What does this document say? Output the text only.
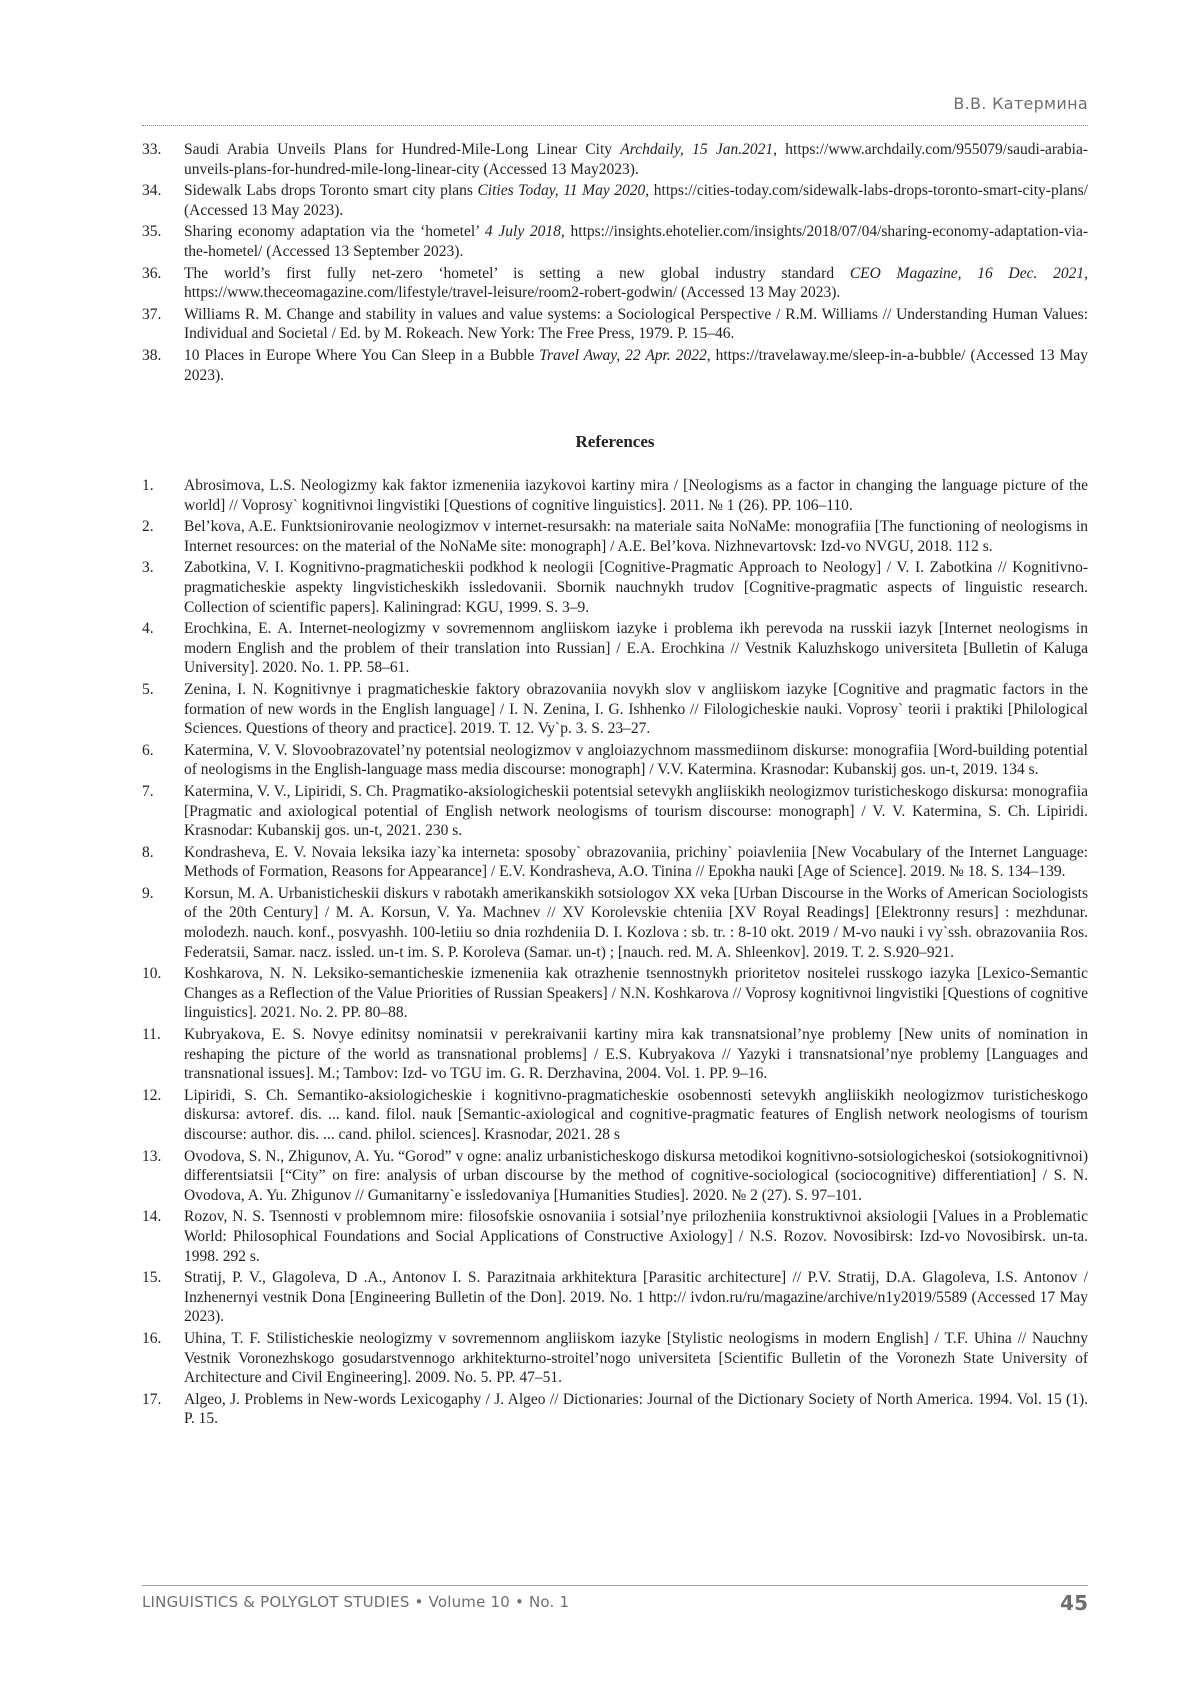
В.В. Катермина
33.	Saudi Arabia Unveils Plans for Hundred-Mile-Long Linear City Archdaily, 15 Jan.2021, https://www.archdaily.com/955079/saudi-arabia-unveils-plans-for-hundred-mile-long-linear-city (Accessed 13 May2023).
34.	Sidewalk Labs drops Toronto smart city plans Cities Today, 11 May 2020, https://cities-today.com/sidewalk-labs-drops-toronto-smart-city-plans/ (Accessed 13 May 2023).
35.	Sharing economy adaptation via the ‘hometel’ 4 July 2018, https://insights.ehotelier.com/insights/2018/07/04/sharing-economy-adaptation-via-the-hometel/ (Accessed 13 September 2023).
36.	The world’s first fully net-zero ‘hometel’ is setting a new global industry standard CEO Magazine, 16 Dec. 2021, https://www.theceomagazine.com/lifestyle/travel-leisure/room2-robert-godwin/ (Accessed 13 May 2023).
37.	Williams R. M. Change and stability in values and value systems: a Sociological Perspective / R.M. Williams // Understanding Human Values: Individual and Societal / Ed. by M. Rokeach. New York: The Free Press, 1979. P. 15–46.
38.	10 Places in Europe Where You Can Sleep in a Bubble Travel Away, 22 Apr. 2022, https://travelaway.me/sleep-in-a-bubble/ (Accessed 13 May 2023).
References
1.	Abrosimova, L.S. Neologizmy kak faktor izmeneniia iazykovoi kartiny mira / [Neologisms as a factor in changing the language picture of the world] // Voprosy` kognitivnoi lingvistiki [Questions of cognitive linguistics]. 2011. № 1 (26). PP. 106–110.
2.	Bel’kova, A.E. Funktsionirovanie neologizmov v internet-resursakh: na materiale saita NoNaMe: monografiia [The functioning of neologisms in Internet resources: on the material of the NoNaMe site: monograph] / A.E. Bel’kova. Nizhnevartovsk: Izd-vo NVGU, 2018. 112 s.
3.	Zabotkina, V. I. Kognitivno-pragmaticheskii podkhod k neologii [Cognitive-Pragmatic Approach to Neology] / V. I. Zabotkina // Kognitivno-pragmaticheskie aspekty lingvisticheskikh issledovanii. Sbornik nauchnykh trudov [Cognitive-pragmatic aspects of linguistic research. Collection of scientific papers]. Kaliningrad: KGU, 1999. S. 3–9.
4.	Erochkina, E. A. Internet-neologizmy v sovremennom angliiskom iazyke i problema ikh perevoda na russkii iazyk [Internet neologisms in modern English and the problem of their translation into Russian] / E.A. Erochkina // Vestnik Kaluzhskogo universiteta [Bulletin of Kaluga University]. 2020. No. 1. PP. 58–61.
5.	Zenina, I. N. Kognitivnye i pragmaticheskie faktory obrazovaniia novykh slov v angliiskom iazyke [Cognitive and pragmatic factors in the formation of new words in the English language] / I. N. Zenina, I. G. Ishhenko // Filologicheskie nauki. Voprosy` teorii i praktiki [Philological Sciences. Questions of theory and practice]. 2019. T. 12. Vy`p. 3. S. 23–27.
6.	Katermina, V. V. Slovoobrazovatel’ny potentsial neologizmov v angloiazychnom massmediinom diskurse: monografiia [Word-building potential of neologisms in the English-language mass media discourse: monograph] / V.V. Katermina. Krasnodar: Kubanskij gos. un-t, 2019. 134 s.
7.	Katermina, V. V., Lipiridi, S. Ch. Pragmatiko-aksiologicheskii potentsial setevykh angliiskikh neologizmov turisticheskogo diskursa: monografiia [Pragmatic and axiological potential of English network neologisms of tourism discourse: monograph] / V. V. Katermina, S. Ch. Lipiridi. Krasnodar: Kubanskij gos. un-t, 2021. 230 s.
8.	Kondrasheva, E. V. Novaia leksika iazy`ka interneta: sposoby` obrazovaniia, prichiny` poiavleniia [New Vocabulary of the Internet Language: Methods of Formation, Reasons for Appearance] / E.V. Kondrasheva, A.O. Tinina // Epokha nauki [Age of Science]. 2019. № 18. S. 134–139.
9.	Korsun, M. A. Urbanisticheskii diskurs v rabotakh amerikanskikh sotsiologov XX veka [Urban Discourse in the Works of American Sociologists of the 20th Century] / M. A. Korsun, V. Ya. Machnev // XV Korolevskie chteniia [XV Royal Readings] [Elektronny resurs] : mezhdunar. molodezh. nauch. konf., posvyashh. 100-letiiu so dnia rozhdeniia D. I. Kozlova : sb. tr. : 8-10 okt. 2019 / M-vo nauki i vy`ssh. obrazovaniia Ros. Federatsii, Samar. nacz. issled. un-t im. S. P. Koroleva (Samar. un-t) ; [nauch. red. M. A. Shleenkov]. 2019. T. 2. S.920–921.
10.	Koshkarova, N. N. Leksiko-semanticheskie izmeneniia kak otrazhenie tsennostnykh prioritetov nositelei russkogo iazyka [Lexico-Semantic Changes as a Reflection of the Value Priorities of Russian Speakers] / N.N. Koshkarova // Voprosy kognitivnoi lingvistiki [Questions of cognitive linguistics]. 2021. No. 2. PP. 80–88.
11.	Kubryakova, E. S. Novye edinitsy nominatsii v perekraivanii kartiny mira kak transnatsional’nye problemy [New units of nomination in reshaping the picture of the world as transnational problems] / E.S. Kubryakova // Yazyki i transnatsional’nye problemy [Languages and transnational issues]. M.; Tambov: Izd- vo TGU im. G. R. Derzhavina, 2004. Vol. 1. PP. 9–16.
12.	Lipiridi, S. Ch. Semantiko-aksiologicheskie i kognitivno-pragmaticheskie osobennosti setevykh angliiskikh neologizmov turisticheskogo diskursa: avtoref. dis. ... kand. filol. nauk [Semantic-axiological and cognitive-pragmatic features of English network neologisms of tourism discourse: author. dis. ... cand. philol. sciences]. Krasnodar, 2021. 28 s
13.	Ovodova, S. N., Zhigunov, A. Yu. “Gorod” v ogne: analiz urbanisticheskogo diskursa metodikoi kognitivno-sotsiologicheskoi (sotsiokognitivnoi) differentsiatsii [“City” on fire: analysis of urban discourse by the method of cognitive-sociological (sociocognitive) differentiation] / S. N. Ovodova, A. Yu. Zhigunov // Gumanitarny`e issledovaniya [Humanities Studies]. 2020. № 2 (27). S. 97–101.
14.	Rozov, N. S. Tsennosti v problemnom mire: filosofskie osnovaniia i sotsial’nye prilozheniia konstruktivnoi aksiologii [Values in a Problematic World: Philosophical Foundations and Social Applications of Constructive Axiology] / N.S. Rozov. Novosibirsk: Izd-vo Novosibirsk. un-ta. 1998. 292 s.
15.	Stratij, P. V., Glagoleva, D .A., Antonov I. S. Parazitnaia arkhitektura [Parasitic architecture] // P.V. Stratij, D.A. Glagoleva, I.S. Antonov / Inzhenernyi vestnik Dona [Engineering Bulletin of the Don]. 2019. No. 1 http:// ivdon.ru/ru/magazine/archive/n1y2019/5589 (Accessed 17 May 2023).
16.	Uhina, T. F. Stilisticheskie neologizmy v sovremennom angliiskom iazyke [Stylistic neologisms in modern English] / T.F. Uhina // Nauchny Vestnik Voronezhskogo gosudarstvennogo arkhitekturno-stroitel’nogo universiteta [Scientific Bulletin of the Voronezh State University of Architecture and Civil Engineering]. 2009. No. 5. PP. 47–51.
17.	Algeo, J. Problems in New-words Lexicogaphy / J. Algeo // Dictionaries: Journal of the Dictionary Society of North America. 1994. Vol. 15 (1). P. 15.
LINGUISTICS & POLYGLOT STUDIES • Volume 10 • No. 1	45
